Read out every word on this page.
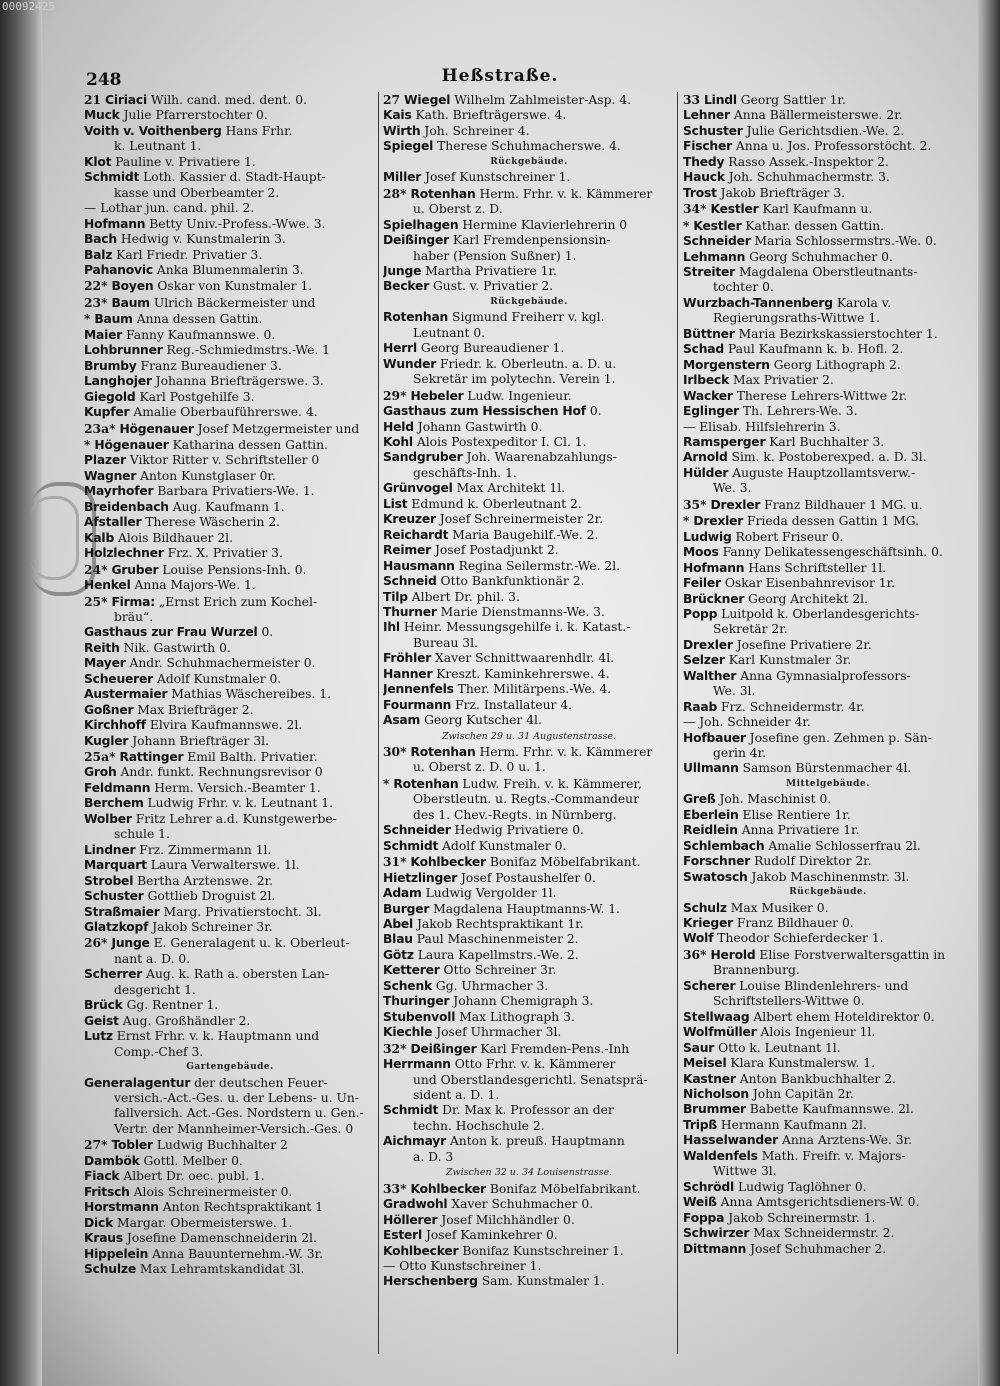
00092425
248	Heßstraße.
21 Ciriaci Wilh. cand. med. dent. 0.
Muck Julie Pfarrerstochter 0.
Voith v. Voithenberg Hans Frhr.
k. Leutnant 1.
Klot Pauline v. Privatiere 1.
Schmidt Loth. Kassier d. Stadt-Haupt-
kasse und Oberbeamter 2.
— Lothar jun. cand. phil. 2.
Hofmann Betty Univ.-Profess.-Wwe. 3.
Bach Hedwig v. Kunstmalerin 3.
Balz Karl Friedr. Privatier 3.
Pahanovic Anka Blumenmalerin 3.
22* Boyen Oskar von Kunstmaler 1.
23* Baum Ulrich Bäckermeister und
* Baum Anna dessen Gattin.
Maier Fanny Kaufmannswe. 0.
Lohbrunner Reg.-Schmiedmstrs.-We. 1
Brumby Franz Bureaudiener 3.
Langhojer Johanna Briefträgerswe. 3.
Giegold Karl Postgehilfe 3.
Kupfer Amalie Oberbauführerswe. 4.
23a* Högenauer Josef Metzgermeister und
* Högenauer Katharina dessen Gattin.
Plazer Viktor Ritter v. Schriftsteller 0
Wagner Anton Kunstglaser 0r.
Mayrhofer Barbara Privatiers-We. 1.
Breidenbach Aug. Kaufmann 1.
Afstaller Therese Wäscherin 2.
Kalb Alois Bildhauer 2l.
Holzlechner Frz. X. Privatier 3.
24* Gruber Louise Pensions-Inh. 0.
Henkel Anna Majors-We. 1.
25* Firma: „Ernst Erich zum Kochel-
bräu“.
Gasthaus zur Frau Wurzel 0.
Reith Nik. Gastwirth 0.
Mayer Andr. Schuhmachermeister 0.
Scheuerer Adolf Kunstmaler 0.
Austermaier Mathias Wäschereibes. 1.
Goßner Max Briefträger 2.
Kirchhoff Elvira Kaufmannswe. 2l.
Kugler Johann Briefträger 3l.
25a* Rattinger Emil Balth. Privatier.
Groh Andr. funkt. Rechnungsrevisor 0
Feldmann Herm. Versich.-Beamter 1.
Berchem Ludwig Frhr. v. k. Leutnant 1.
Wolber Fritz Lehrer a.d. Kunstgewerbe-
schule 1.
Lindner Frz. Zimmermann 1l.
Marquart Laura Verwalterswe. 1l.
Strobel Bertha Arztenswe. 2r.
Schuster Gottlieb Droguist 2l.
Straßmaier Marg. Privatierstocht. 3l.
Glatzkopf Jakob Schreiner 3r.
26* Junge E. Generalagent u. k. Oberleut-
nant a. D. 0.
Scherrer Aug. k. Rath a. obersten Lan-
desgericht 1.
Brück Gg. Rentner 1.
Geist Aug. Großhändler 2.
Lutz Ernst Frhr. v. k. Hauptmann und
Comp.-Chef 3.
Gartengebäude.
Generalagentur der deutschen Feuer-
versich.-Act.-Ges. u. der Lebens- u. Un-
fallversich. Act.-Ges. Nordstern u. Gen.-
Vertr. der Mannheimer-Versich.-Ges. 0
27* Tobler Ludwig Buchhalter 2
Dambök Gottl. Melber 0.
Fiack Albert Dr. oec. publ. 1.
Fritsch Alois Schreinermeister 0.
Horstmann Anton Rechtspraktikant 1
Dick Margar. Obermeisterswe. 1.
Kraus Josefine Damenschneiderin 2l.
Hippelein Anna Bauunternehm.-W. 3r.
Schulze Max Lehramtskandidat 3l.
27 Wiegel Wilhelm Zahlmeister-Asp. 4.
Kais Kath. Briefträgerswe. 4.
Wirth Joh. Schreiner 4.
Spiegel Therese Schuhmacherswe. 4.
Rückgebäude.
Miller Josef Kunstschreiner 1.
28* Rotenhan Herm. Frhr. v. k. Kämmerer
u. Oberst z. D.
Spielhagen Hermine Klavierlehrerin 0
Deißinger Karl Fremdenpensionsin-
haber (Pension Sußner) 1.
Junge Martha Privatiere 1r.
Becker Gust. v. Privatier 2.
Rückgebäude.
Rotenhan Sigmund Freiherr v. kgl.
Leutnant 0.
Herrl Georg Bureaudiener 1.
Wunder Friedr. k. Oberleutn. a. D. u.
Sekretär im polytechn. Verein 1.
29* Hebeler Ludw. Ingenieur.
Gasthaus zum Hessischen Hof 0.
Held Johann Gastwirth 0.
Kohl Alois Postexpeditor I. Cl. 1.
Sandgruber Joh. Waarenabzahlungs-
geschäfts-Inh. 1.
Grünvogel Max Architekt 1l.
List Edmund k. Oberleutnant 2.
Kreuzer Josef Schreinermeister 2r.
Reichardt Maria Baugehilf.-We. 2.
Reimer Josef Postadjunkt 2.
Hausmann Regina Seilermstr.-We. 2l.
Schneid Otto Bankfunktionär 2.
Tilp Albert Dr. phil. 3.
Thurner Marie Dienstmanns-We. 3.
Ihl Heinr. Messungsgehilfe i. k. Katast.-
Bureau 3l.
Fröhler Xaver Schnittwaarenhdlr. 4l.
Hanner Kreszt. Kaminkehrerswe. 4.
Jennenfels Ther. Militärpens.-We. 4.
Fourmann Frz. Installateur 4.
Asam Georg Kutscher 4l.
Zwischen 29 u. 31 Augustenstrasse.
30* Rotenhan Herm. Frhr. v. k. Kämmerer
u. Oberst z. D. 0 u. 1.
* Rotenhan Ludw. Freih. v. k. Kämmerer,
Oberstleutn. u. Regts.-Commandeur
des 1. Chev.-Regts. in Nürnberg.
Schneider Hedwig Privatiere 0.
Schmidt Adolf Kunstmaler 0.
31* Kohlbecker Bonifaz Möbelfabrikant.
Hietzlinger Josef Postaushelfer 0.
Adam Ludwig Vergolder 1l.
Burger Magdalena Hauptmanns-W. 1.
Abel Jakob Rechtspraktikant 1r.
Blau Paul Maschinenmeister 2.
Götz Laura Kapellmstrs.-We. 2.
Ketterer Otto Schreiner 3r.
Schenk Gg. Uhrmacher 3.
Thuringer Johann Chemigraph 3.
Stubenvoll Max Lithograph 3.
Kiechle Josef Uhrmacher 3l.
32* Deißinger Karl Fremden-Pens.-Inh
Herrmann Otto Frhr. v. k. Kämmerer
und Oberstlandesgerichtl. Senatsprä-
sident a. D. 1.
Schmidt Dr. Max k. Professor an der
techn. Hochschule 2.
Aichmayr Anton k. preuß. Hauptmann
a. D. 3
Zwischen 32 u. 34 Louisenstrasse.
33* Kohlbecker Bonifaz Möbelfabrikant.
Gradwohl Xaver Schuhmacher 0.
Höllerer Josef Milchhändler 0.
Esterl Josef Kaminkehrer 0.
Kohlbecker Bonifaz Kunstschreiner 1.
— Otto Kunstschreiner 1.
Herschenberg Sam. Kunstmaler 1.
33 Lindl Georg Sattler 1r.
Lehner Anna Bällermeisterswe. 2r.
Schuster Julie Gerichtsdien.-We. 2.
Fischer Anna u. Jos. Professorstöcht. 2.
Thedy Rasso Assek.-Inspektor 2.
Hauck Joh. Schuhmachermstr. 3.
Trost Jakob Briefträger 3.
34* Kestler Karl Kaufmann u.
* Kestler Kathar. dessen Gattin.
Schneider Maria Schlossermstrs.-We. 0.
Lehmann Georg Schuhmacher 0.
Streiter Magdalena Oberstleutnants-
tochter 0.
Wurzbach-Tannenberg Karola v.
Regierungsraths-Wittwe 1.
Büttner Maria Bezirkskassierstochter 1.
Schad Paul Kaufmann k. b. Hofl. 2.
Morgenstern Georg Lithograph 2.
Irlbeck Max Privatier 2.
Wacker Therese Lehrers-Wittwe 2r.
Eglinger Th. Lehrers-We. 3.
— Elisab. Hilfslehrerin 3.
Ramsperger Karl Buchhalter 3.
Arnold Sim. k. Postoberexped. a. D. 3l.
Hülder Auguste Hauptzollamtsverw.-
We. 3.
35* Drexler Franz Bildhauer 1 MG. u.
* Drexler Frieda dessen Gattin 1 MG.
Ludwig Robert Friseur 0.
Moos Fanny Delikatessengeschäftsinh. 0.
Hofmann Hans Schriftsteller 1l.
Feiler Oskar Eisenbahnrevisor 1r.
Brückner Georg Architekt 2l.
Popp Luitpold k. Oberlandesgerichts-
Sekretär 2r.
Drexler Josefine Privatiere 2r.
Selzer Karl Kunstmaler 3r.
Walther Anna Gymnasialprofessors-
We. 3l.
Raab Frz. Schneidermstr. 4r.
— Joh. Schneider 4r.
Hofbauer Josefine gen. Zehmen p. Sän-
gerin 4r.
Ullmann Samson Bürstenmacher 4l.
Mittelgebäude.
Greß Joh. Maschinist 0.
Eberlein Elise Rentiere 1r.
Reidlein Anna Privatiere 1r.
Schlembach Amalie Schlosserfrau 2l.
Forschner Rudolf Direktor 2r.
Swatosch Jakob Maschinenmstr. 3l.
Rückgebäude.
Schulz Max Musiker 0.
Krieger Franz Bildhauer 0.
Wolf Theodor Schieferdecker 1.
36* Herold Elise Forstverwaltersgattin in
Brannenburg.
Scherer Louise Blindenlehrers- und
Schriftstellers-Wittwe 0.
Stellwaag Albert ehem Hoteldirektor 0.
Wolfmüller Alois Ingenieur 1l.
Saur Otto k. Leutnant 1l.
Meisel Klara Kunstmalersw. 1.
Kastner Anton Bankbuchhalter 2.
Nicholson John Capitän 2r.
Brummer Babette Kaufmannswe. 2l.
Tripß Hermann Kaufmann 2l.
Hasselwander Anna Arztens-We. 3r.
Waldenfels Math. Freifr. v. Majors-
Wittwe 3l.
Schrödl Ludwig Taglöhner 0.
Weiß Anna Amtsgerichtsdieners-W. 0.
Foppa Jakob Schreinermstr. 1.
Schwirzer Max Schneidermstr. 2.
Dittmann Josef Schuhmacher 2.
